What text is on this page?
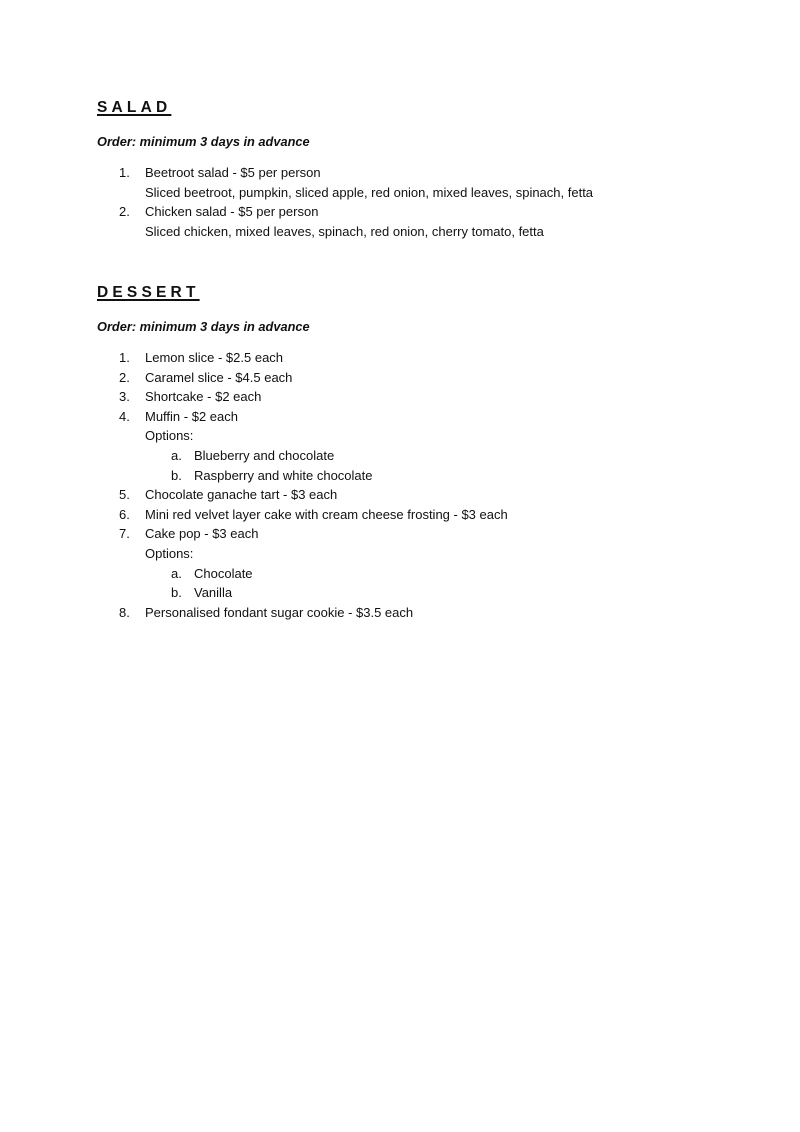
SALAD

Order: minimum 3 days in advance

1.	Beetroot salad - $5 per person
Sliced beetroot, pumpkin, sliced apple, red onion, mixed leaves, spinach, fetta
2.	Chicken salad - $5 per person
Sliced chicken, mixed leaves, spinach, red onion, cherry tomato, fetta
DESSERT

Order: minimum 3 days in advance

1.	Lemon slice - $2.5 each
2.	Caramel slice - $4.5 each
3.	Shortcake - $2 each
4.	Muffin - $2 each
Options:
a. Blueberry and chocolate
b. Raspberry and white chocolate
5.	Chocolate ganache tart - $3 each
6.	Mini red velvet layer cake with cream cheese frosting - $3 each
7.	Cake pop - $3 each
Options:
a. Chocolate
b. Vanilla
8.	Personalised fondant sugar cookie - $3.5 each
